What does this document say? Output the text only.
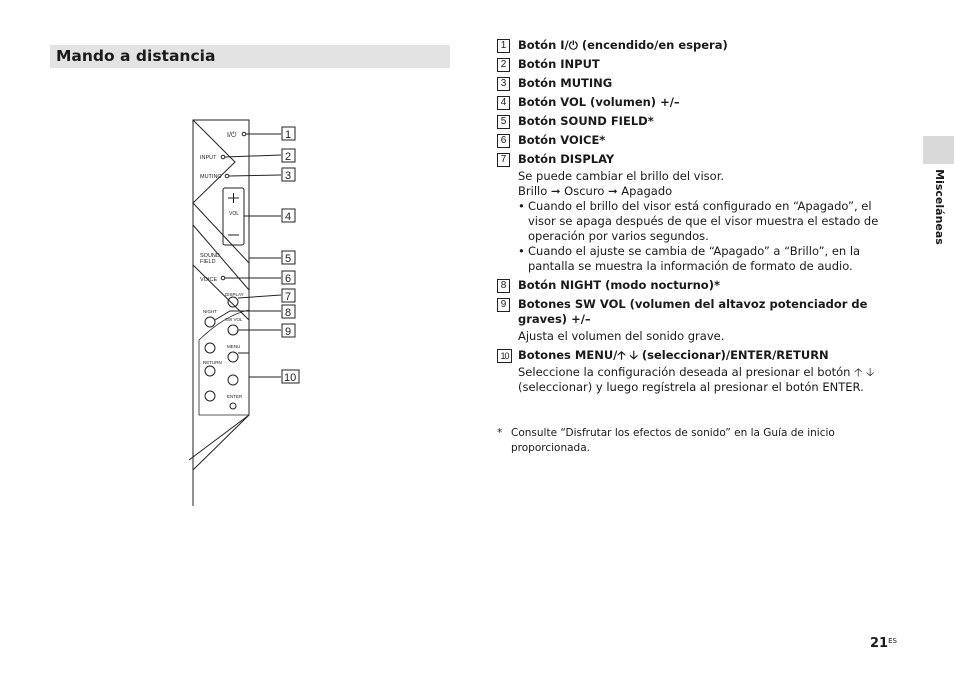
Mando a distancia
I/⏻
INPUT
MUTING
VOL
SOUND
FIELD
VOICE
DISPLAY
NIGHT
SW VOL
MENU
RETURN
ENTER
1
2
3
4
5
6
7
8
9
10
1	Botón I/⏻ (encendido/en espera)
2	Botón INPUT
3	Botón MUTING
4	Botón VOL (volumen) +/–
5	Botón SOUND FIELD*
6	Botón VOICE*
7	Botón DISPLAY
Se puede cambiar el brillo del visor.
Brillo ➞ Oscuro ➞ Apagado
• Cuando el brillo del visor está configurado en “Apagado”, el visor se apaga después de que el visor muestra el estado de operación por varios segundos.
• Cuando el ajuste se cambia de “Apagado” a “Brillo”, en la pantalla se muestra la información de formato de audio.
8	Botón NIGHT (modo nocturno)*
9	Botones SW VOL (volumen del altavoz potenciador de graves) +/–
Ajusta el volumen del sonido grave.
10 Botones MENU/🡡 🡣 (seleccionar)/ENTER/RETURN
Seleccione la configuración deseada al presionar el botón 🡡 🡣 (seleccionar) y luego regístrela al presionar el botón ENTER.
* Consulte “Disfrutar los efectos de sonido” en la Guía de inicio proporcionada.
Misceláneas
$21^{ES}$
